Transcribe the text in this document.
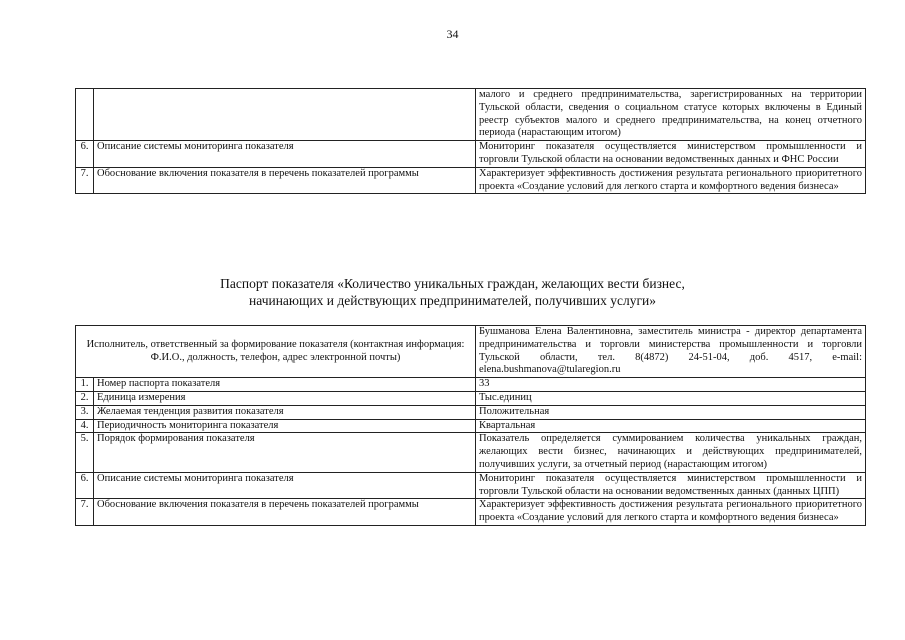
34
		малого и среднего предпринимательства, зарегистрированных на территории Тульской области, сведения о социальном статусе которых включены в Единый реестр субъектов малого и среднего предпринимательства, на конец отчетного периода (нарастающим итогом)
6.	Описание системы мониторинга показателя	Мониторинг показателя осуществляется министерством промышленности и торговли Тульской области на основании ведомственных данных и ФНС России
7.	Обоснование включения показателя в перечень показателей программы	Характеризует эффективность достижения результата регионального приоритетного проекта «Создание условий для легкого старта и комфортного ведения бизнеса»
Паспорт показателя «Количество уникальных граждан, желающих вести бизнес,
начинающих и действующих предпринимателей, получивших услуги»
Исполнитель, ответственный за формирование показателя (контактная информация: Ф.И.О., должность, телефон, адрес электронной почты)		Бушманова Елена Валентиновна, заместитель министра - директор департамента предпринимательства и торговли министерства промышленности и торговли Тульской области, тел. 8(4872) 24-51-04, доб. 4517, e-mail: elena.bushmanova@tularegion.ru
1.	Номер паспорта показателя	33
2.	Единица измерения	Тыс.единиц
3.	Желаемая тенденция развития показателя	Положительная
4.	Периодичность мониторинга показателя	Квартальная
5.	Порядок формирования показателя	Показатель определяется суммированием количества уникальных граждан, желающих вести бизнес, начинающих и действующих предпринимателей, получивших услуги, за отчетный период (нарастающим итогом)
6.	Описание системы мониторинга показателя	Мониторинг показателя осуществляется министерством промышленности и торговли Тульской области на основании ведомственных данных (данных ЦПП)
7.	Обоснование включения показателя в перечень показателей программы	Характеризует эффективность достижения результата регионального приоритетного проекта «Создание условий для легкого старта и комфортного ведения бизнеса»
